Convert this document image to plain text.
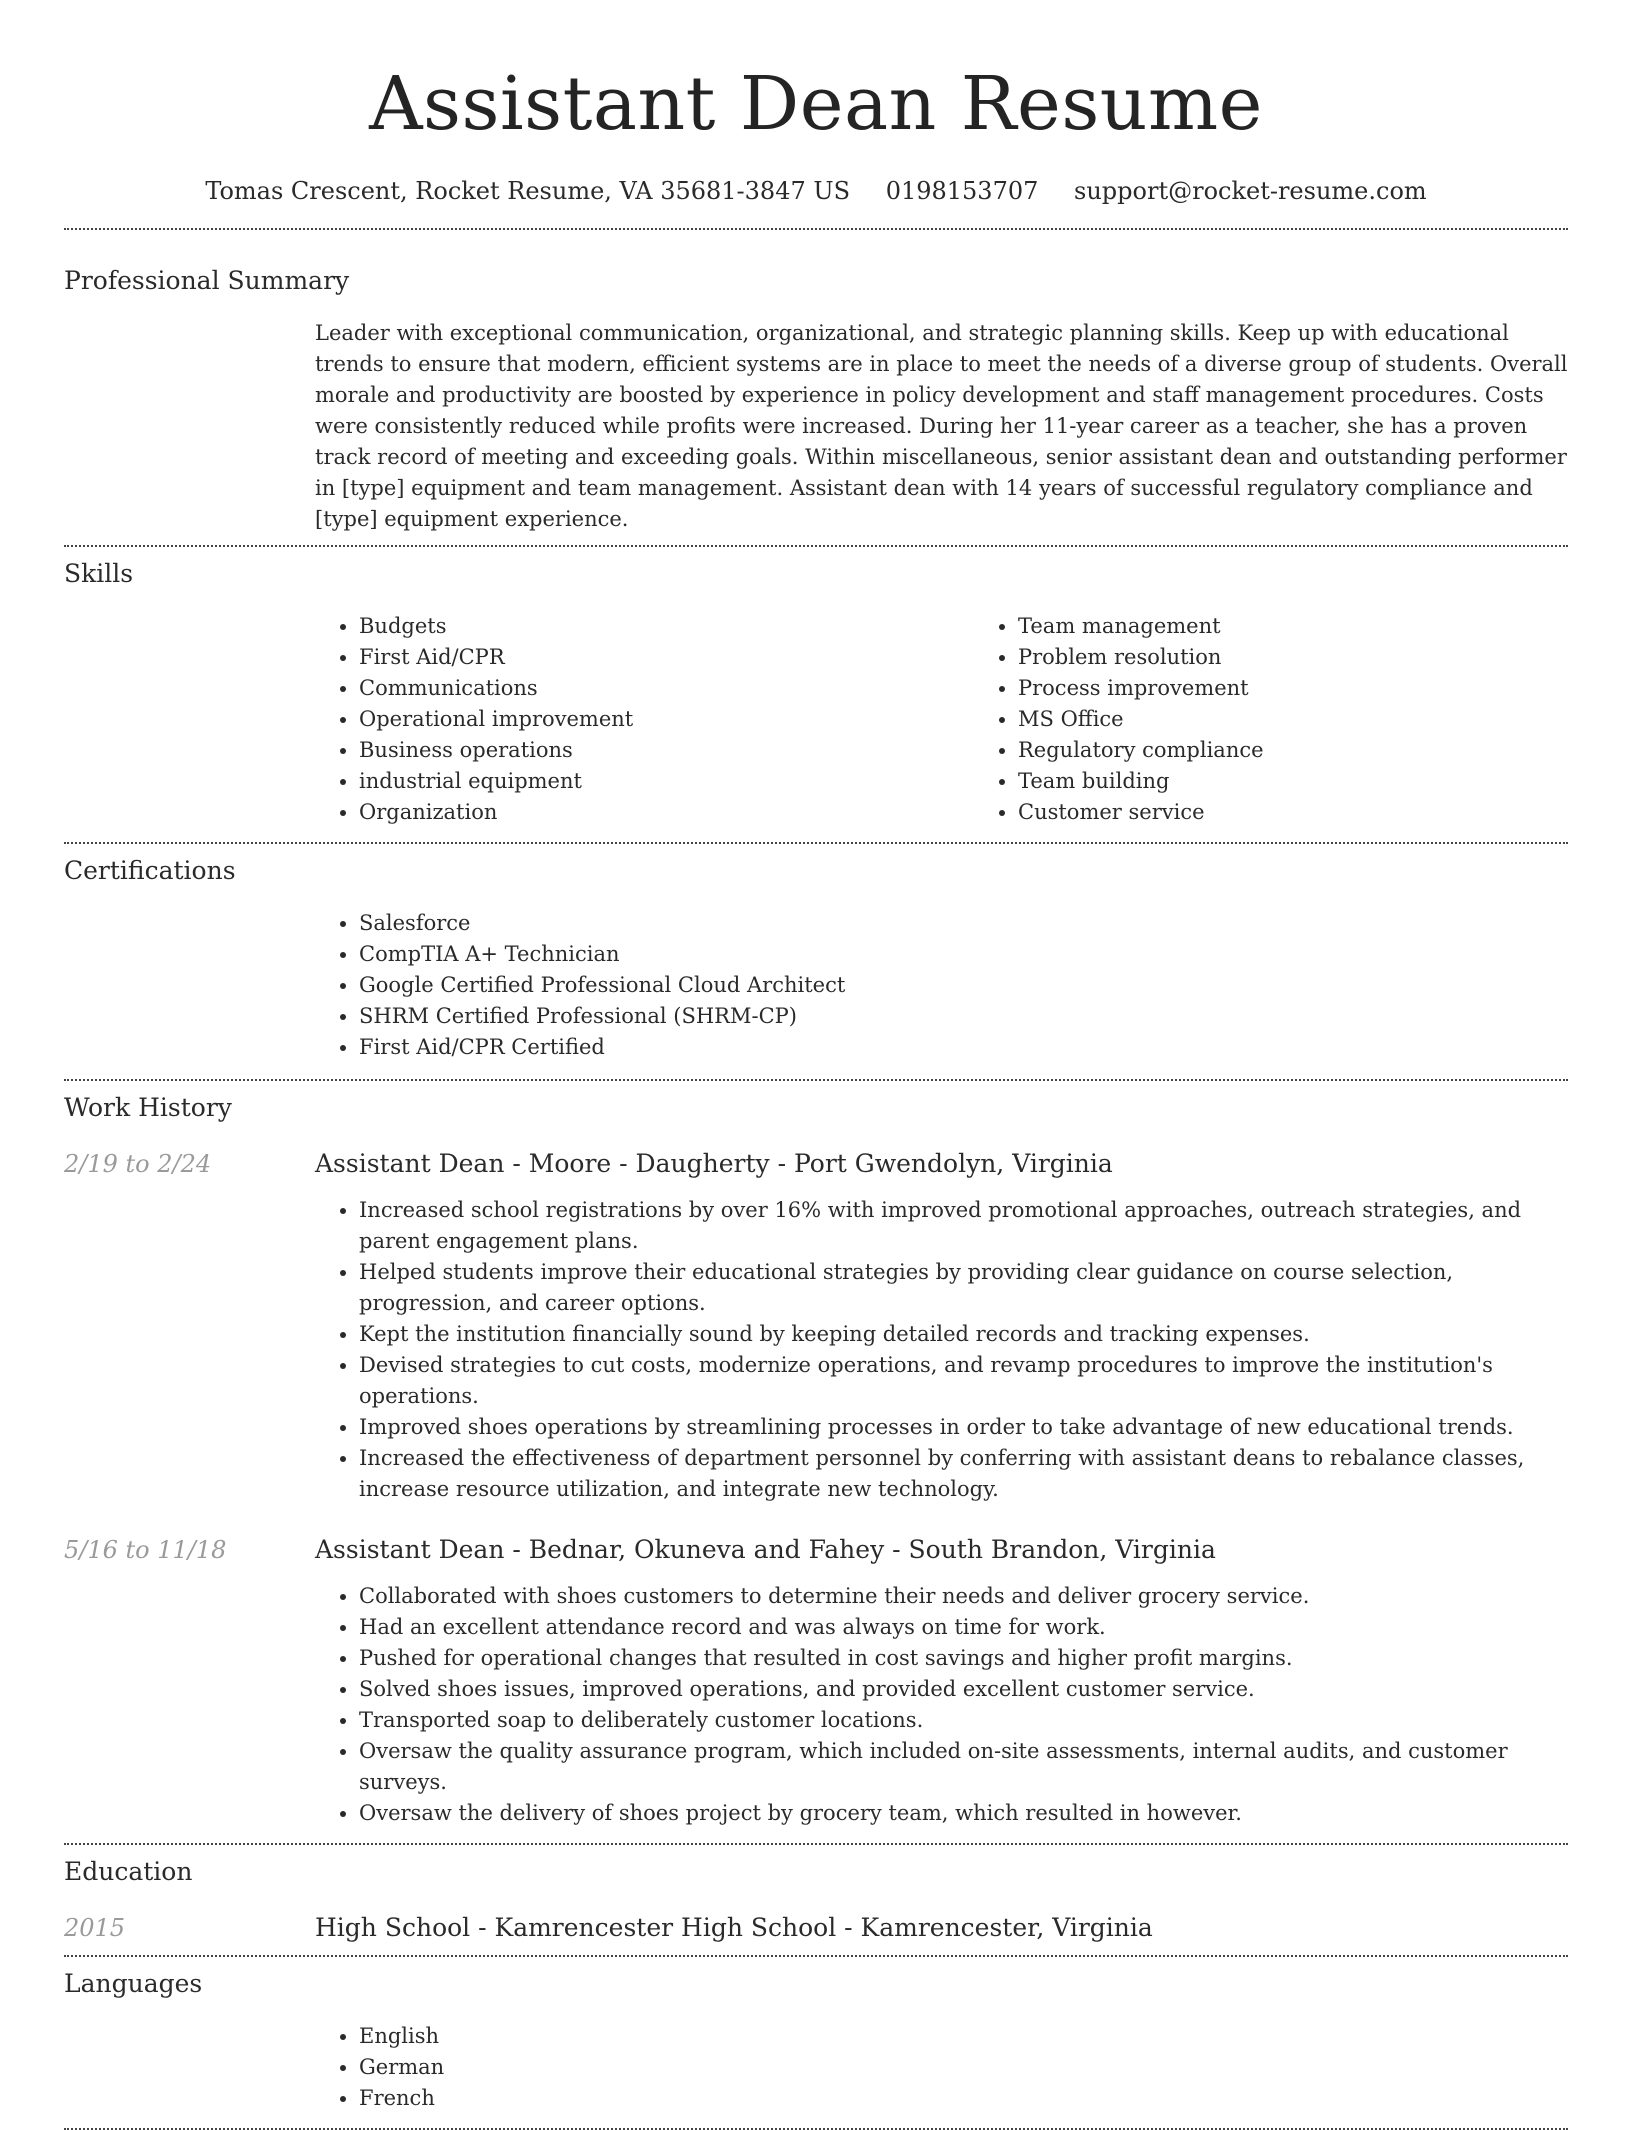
Assistant Dean Resume
Tomas Crescent, Rocket Resume, VA 35681-3847 US 0198153707 support@rocket-resume.com
Professional Summary

Leader with exceptional communication, organizational, and strategic planning skills. Keep up with educational trends to ensure that modern, efficient systems are in place to meet the needs of a diverse group of students. Overall morale and productivity are boosted by experience in policy development and staff management procedures. Costs were consistently reduced while profits were increased. During her 11-year career as a teacher, she has a proven track record of meeting and exceeding goals. Within miscellaneous, senior assistant dean and outstanding performer in [type] equipment and team management. Assistant dean with 14 years of successful regulatory compliance and [type] equipment experience.

Skills
• Budgets
• First Aid/CPR
• Communications
• Operational improvement
• Business operations
• industrial equipment
• Organization
• Team management
• Problem resolution
• Process improvement
• MS Office
• Regulatory compliance
• Team building
• Customer service
Certifications
• Salesforce
• CompTIA A+ Technician
• Google Certified Professional Cloud Architect
• SHRM Certified Professional (SHRM-CP)
• First Aid/CPR Certified
Work History
2/19 to 2/24	Assistant Dean - Moore - Daugherty - Port Gwendolyn, Virginia
• Increased school registrations by over 16% with improved promotional approaches, outreach strategies, and parent engagement plans.
• Helped students improve their educational strategies by providing clear guidance on course selection, progression, and career options.
• Kept the institution financially sound by keeping detailed records and tracking expenses.
• Devised strategies to cut costs, modernize operations, and revamp procedures to improve the institution's operations.
• Improved shoes operations by streamlining processes in order to take advantage of new educational trends.
• Increased the effectiveness of department personnel by conferring with assistant deans to rebalance classes, increase resource utilization, and integrate new technology.
5/16 to 11/18	Assistant Dean - Bednar, Okuneva and Fahey - South Brandon, Virginia
• Collaborated with shoes customers to determine their needs and deliver grocery service.
• Had an excellent attendance record and was always on time for work.
• Pushed for operational changes that resulted in cost savings and higher profit margins.
• Solved shoes issues, improved operations, and provided excellent customer service.
• Transported soap to deliberately customer locations.
• Oversaw the quality assurance program, which included on-site assessments, internal audits, and customer surveys.
• Oversaw the delivery of shoes project by grocery team, which resulted in however.
Education
2015	High School - Kamrencester High School - Kamrencester, Virginia
Languages
• English
• German
• French
